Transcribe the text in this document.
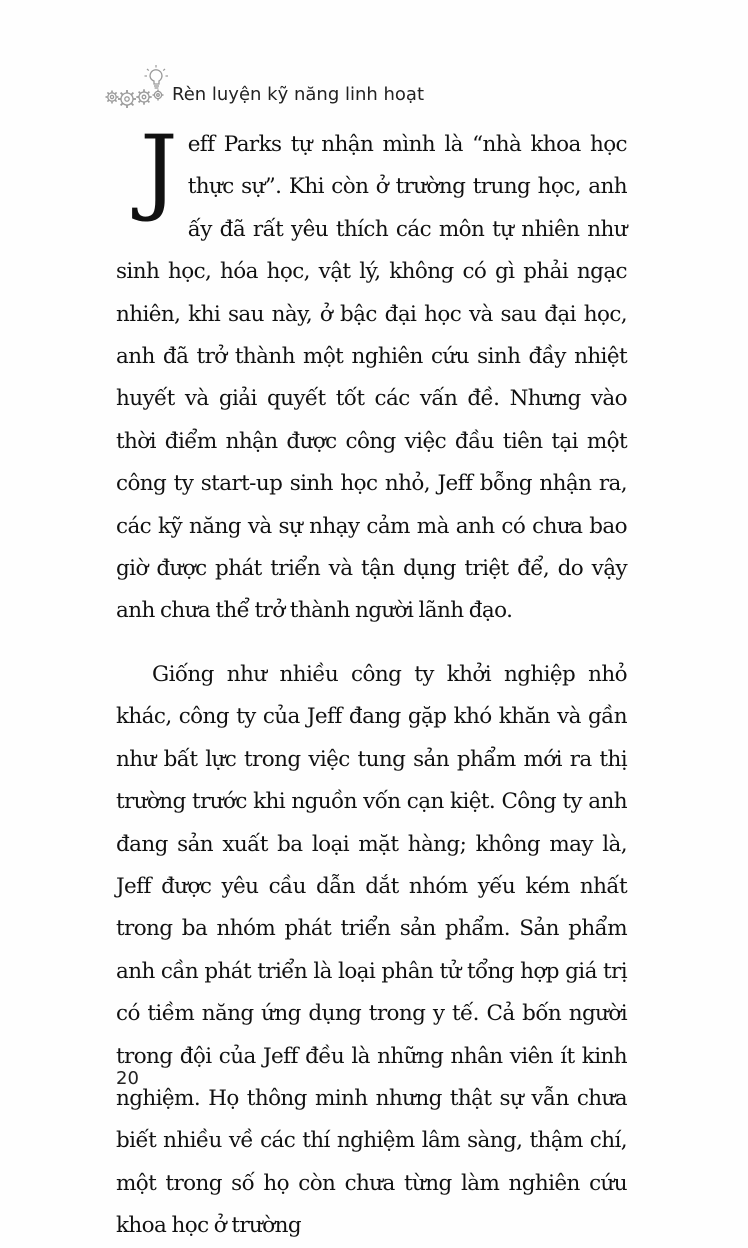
Rèn luyện kỹ năng linh hoạt

Jeff Parks tự nhận mình là “nhà khoa học thực sự”. Khi còn ở trường trung học, anh ấy đã rất yêu thích các môn tự nhiên như sinh học, hóa học, vật lý, không có gì phải ngạc nhiên, khi sau này, ở bậc đại học và sau đại học, anh đã trở thành một nghiên cứu sinh đầy nhiệt huyết và giải quyết tốt các vấn đề. Nhưng vào thời điểm nhận được công việc đầu tiên tại một công ty start-up sinh học nhỏ, Jeff bỗng nhận ra, các kỹ năng và sự nhạy cảm mà anh có chưa bao giờ được phát triển và tận dụng triệt để, do vậy anh chưa thể trở thành người lãnh đạo.

Giống như nhiều công ty khởi nghiệp nhỏ khác, công ty của Jeff đang gặp khó khăn và gần như bất lực trong việc tung sản phẩm mới ra thị trường trước khi nguồn vốn cạn kiệt. Công ty anh đang sản xuất ba loại mặt hàng; không may là, Jeff được yêu cầu dẫn dắt nhóm yếu kém nhất trong ba nhóm phát triển sản phẩm. Sản phẩm anh cần phát triển là loại phân tử tổng hợp giá trị có tiềm năng ứng dụng trong y tế. Cả bốn người trong đội của Jeff đều là những nhân viên ít kinh nghiệm. Họ thông minh nhưng thật sự vẫn chưa biết nhiều về các thí nghiệm lâm sàng, thậm chí, một trong số họ còn chưa từng làm nghiên cứu khoa học ở trường

20
